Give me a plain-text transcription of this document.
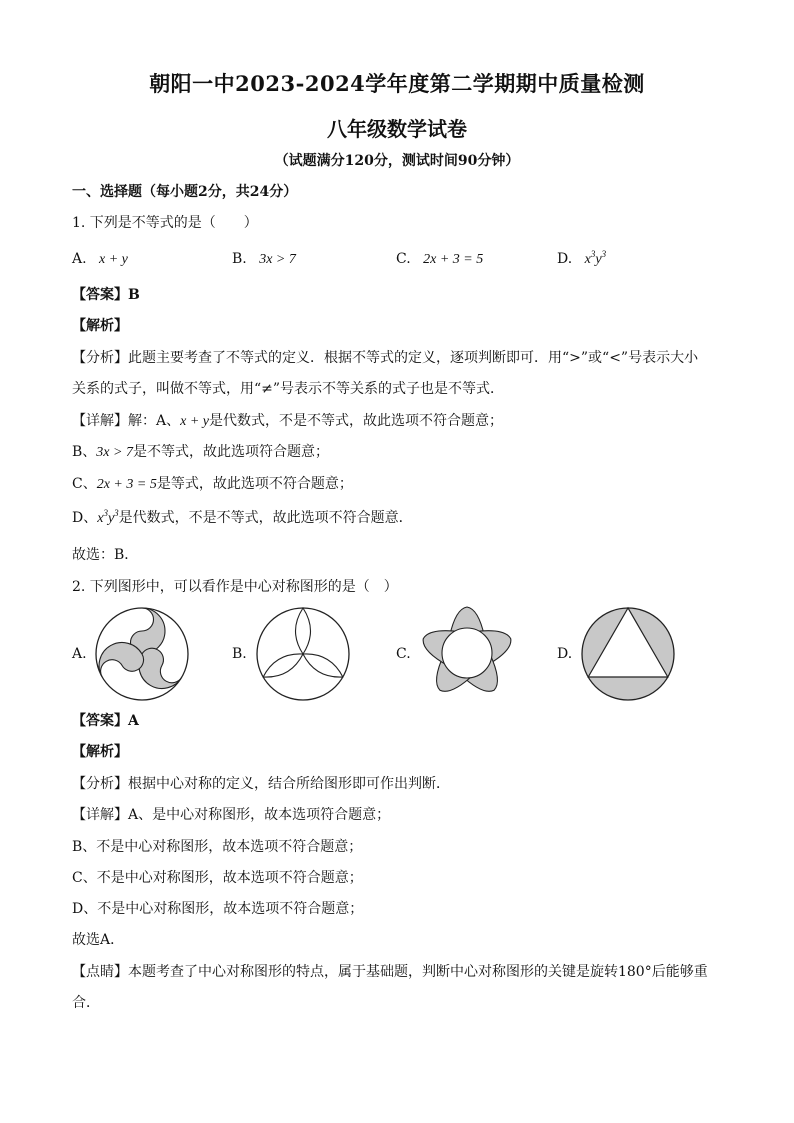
朝阳一中2023-2024学年度第二学期期中质量检测
八年级数学试卷
（试题满分120分，测试时间90分钟）
一、选择题（每小题2分，共24分）
1. 下列是不等式的是（　　）
A. x + y	B. 3x > 7	C. 2x + 3 = 5	D. $x^3y^3$
【答案】B
【解析】
【分析】此题主要考查了不等式的定义．根据不等式的定义，逐项判断即可．用“>”或“<”号表示大小
关系的式子，叫做不等式，用“≠”号表示不等关系的式子也是不等式．
【详解】解：A、x + y是代数式，不是不等式，故此选项不符合题意；
B、3x > 7是不等式，故此选项符合题意；
C、2x + 3 = 5是等式，故此选项不符合题意；
D、$x^3y^3$是代数式，不是不等式，故此选项不符合题意．
故选：B．
2. 下列图形中，可以看作是中心对称图形的是（　）
A.	B.	C.	D.
【答案】A
【解析】
【分析】根据中心对称的定义，结合所给图形即可作出判断．
【详解】A、是中心对称图形，故本选项符合题意；
B、不是中心对称图形，故本选项不符合题意；
C、不是中心对称图形，故本选项不符合题意；
D、不是中心对称图形，故本选项不符合题意；
故选A．
【点睛】本题考查了中心对称图形的特点，属于基础题，判断中心对称图形的关键是旋转180°后能够重
合．
